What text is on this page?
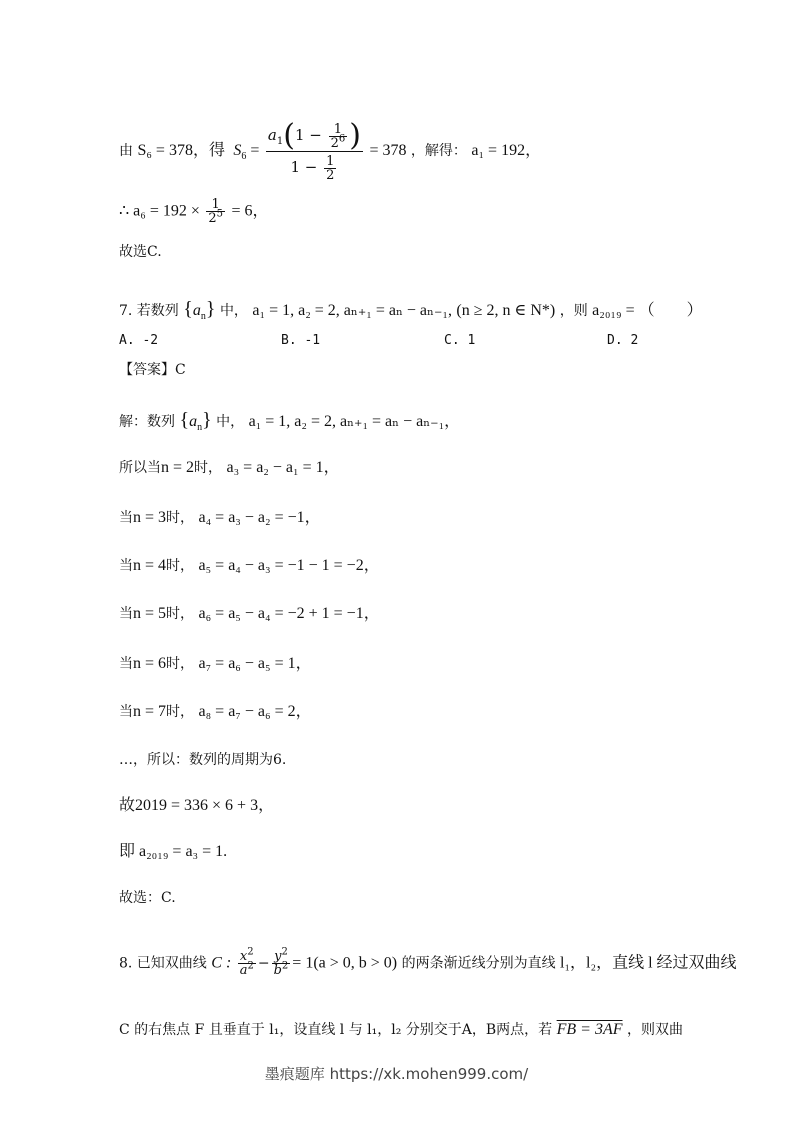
由 S₆ = 378，得 $S_6 = \frac{a_1(1 - \frac{1}{2^6} )}{1 - \frac{1}{2}} = 378$ ，解得： a₁ = 192，
∴ $a_6 = 192 \times \frac{1}{2^5} = 6$，
故选C.
7. 若数列 $\{a_n\}$ 中， a₁ = 1, a₂ = 2, aₙ₊₁ = aₙ − aₙ₋₁, (n ≥ 2, n ∈ N*) ，则 a₂₀₁₉ = （　　）
A. -2	B. -1	C. 1	D. 2
【答案】C
解：数列 $\{a_n\}$ 中， a₁ = 1, a₂ = 2, aₙ₊₁ = aₙ − aₙ₋₁，
所以当n = 2时， a₃ = a₂ − a₁ = 1，
当n = 3时， a₄ = a₃ − a₂ = −1，
当n = 4时， a₅ = a₄ − a₃ = −1 − 1 = −2，
当n = 5时， a₆ = a₅ − a₄ = −2 + 1 = −1，
当n = 6时， a₇ = a₆ − a₅ = 1，
当n = 7时， a₈ = a₇ − a₆ = 2，
…，所以：数列的周期为6.
故2019 = 336 × 6 + 3，
即 a₂₀₁₉ = a₃ = 1.
故选：C.
8. 已知双曲线 C : $\frac{x^2}{a^2} - \frac{y^2}{b^2} = 1(a > 0$, b > 0) 的两条渐近线分别为直线 l₁，l₂，直线 l 经过双曲线
C 的右焦点 F 且垂直于 l₁，设直线 l 与 l₁，l₂ 分别交于A，B两点，若 FB = 3AF ，则双曲
墨痕题库 https://xk.mohen999.com/
